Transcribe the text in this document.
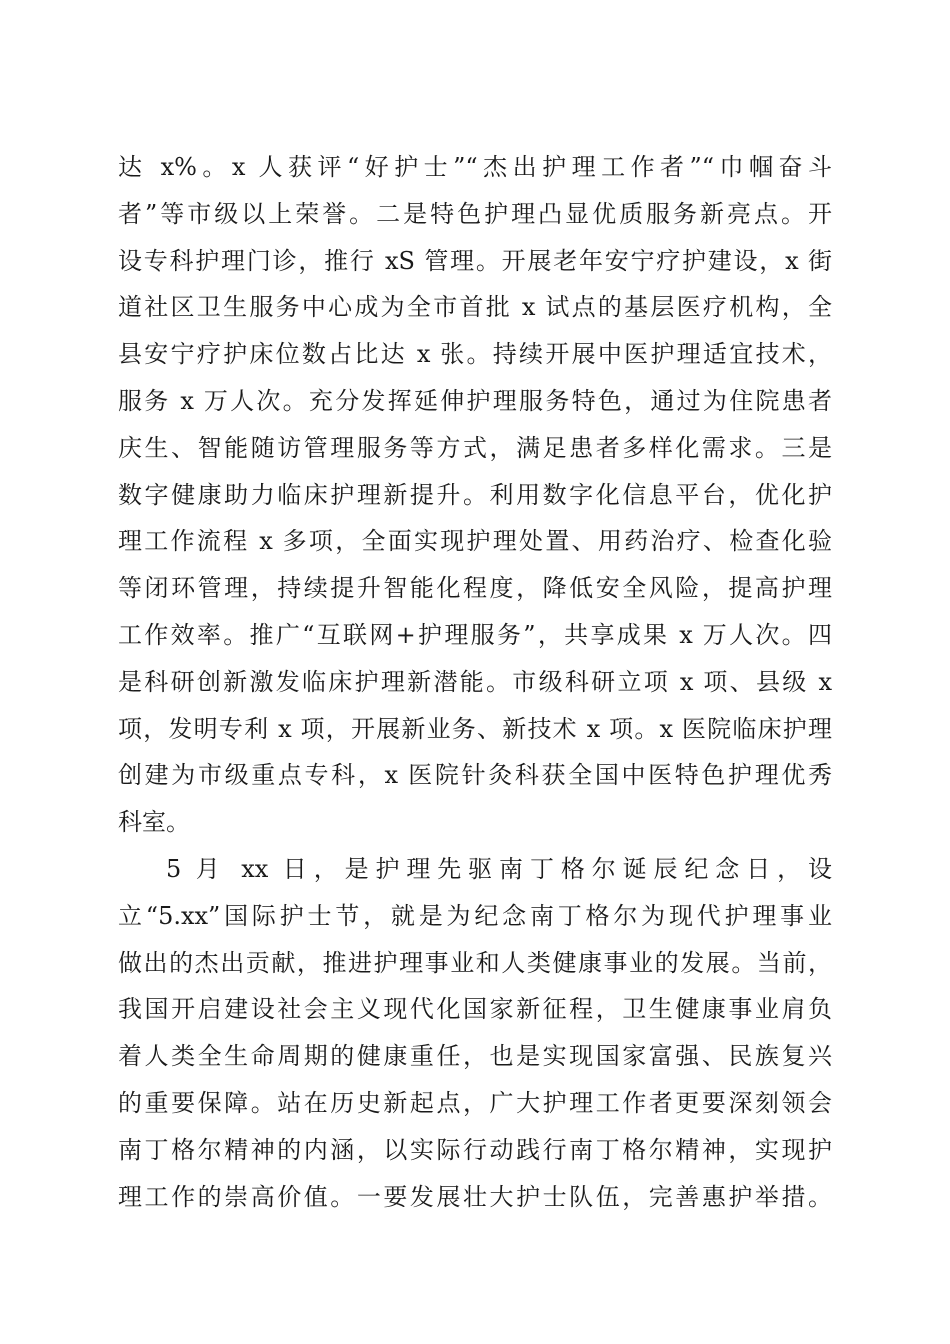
达 x%。x 人获评“好护士”“杰出护理工作者”“巾帼奋斗
者”等市级以上荣誉。二是特色护理凸显优质服务新亮点。开
设专科护理门诊，推行 xS 管理。开展老年安宁疗护建设，x 街
道社区卫生服务中心成为全市首批 x 试点的基层医疗机构，全
县安宁疗护床位数占比达 x 张。持续开展中医护理适宜技术，
服务 x 万人次。充分发挥延伸护理服务特色，通过为住院患者
庆生、智能随访管理服务等方式，满足患者多样化需求。三是
数字健康助力临床护理新提升。利用数字化信息平台，优化护
理工作流程 x 多项，全面实现护理处置、用药治疗、检查化验
等闭环管理，持续提升智能化程度，降低安全风险，提高护理
工作效率。推广“互联网+护理服务”，共享成果 x 万人次。四
是科研创新激发临床护理新潜能。市级科研立项 x 项、县级 x
项，发明专利 x 项，开展新业务、新技术 x 项。x 医院临床护理
创建为市级重点专科，x 医院针灸科获全国中医特色护理优秀
科室。
5 月 xx 日，是护理先驱南丁格尔诞辰纪念日，设
立“5.xx”国际护士节，就是为纪念南丁格尔为现代护理事业
做出的杰出贡献，推进护理事业和人类健康事业的发展。当前，
我国开启建设社会主义现代化国家新征程，卫生健康事业肩负
着人类全生命周期的健康重任，也是实现国家富强、民族复兴
的重要保障。站在历史新起点，广大护理工作者更要深刻领会
南丁格尔精神的内涵，以实际行动践行南丁格尔精神，实现护
理工作的崇高价值。一要发展壮大护士队伍，完善惠护举措。
